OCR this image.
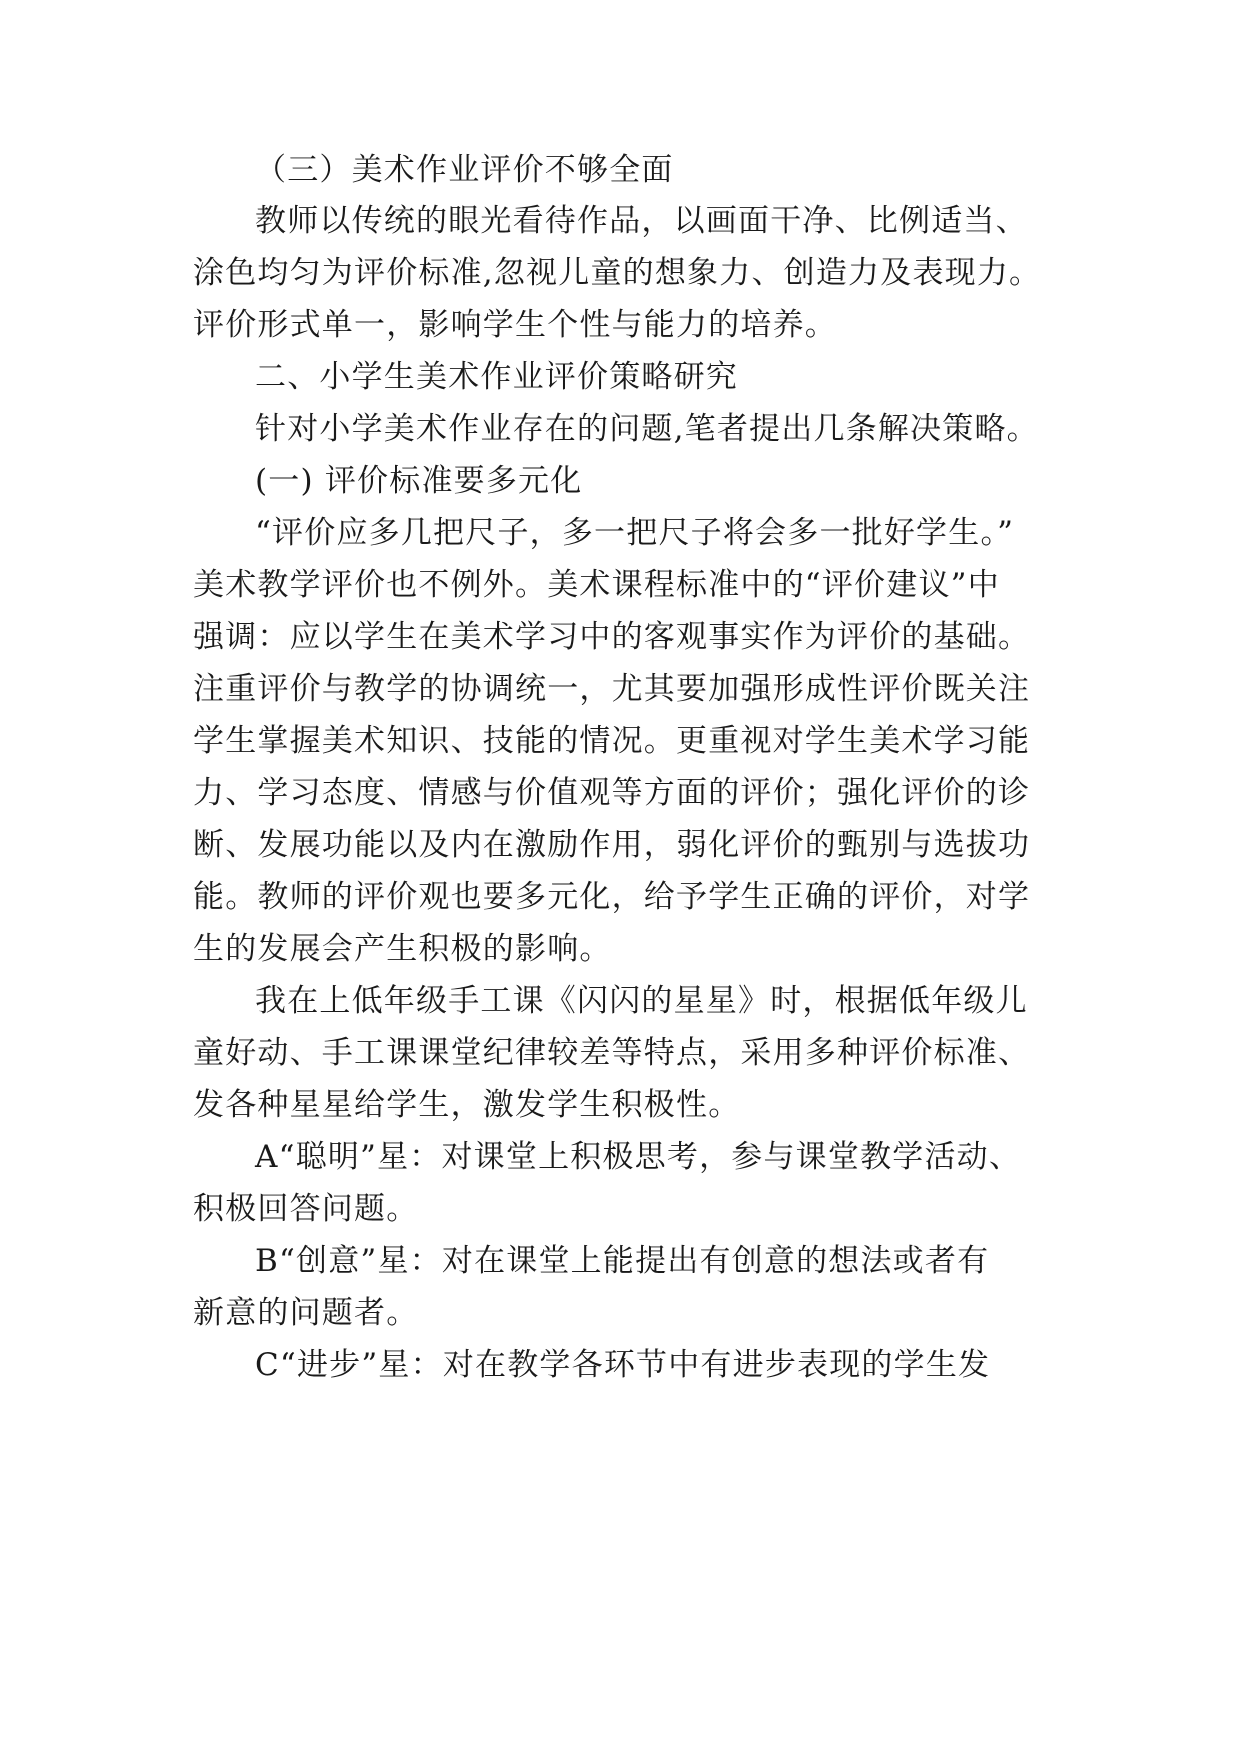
（三）美术作业评价不够全面
教师以传统的眼光看待作品，以画面干净、比例适当、
涂色均匀为评价标准,忽视儿童的想象力、创造力及表现力。
评价形式单一，影响学生个性与能力的培养。
二、小学生美术作业评价策略研究
针对小学美术作业存在的问题,笔者提出几条解决策略。
(一) 评价标准要多元化
“评价应多几把尺子，多一把尺子将会多一批好学生。”
美术教学评价也不例外。美术课程标准中的“评价建议”中
强调：应以学生在美术学习中的客观事实作为评价的基础。
注重评价与教学的协调统一，尤其要加强形成性评价既关注
学生掌握美术知识、技能的情况。更重视对学生美术学习能
力、学习态度、情感与价值观等方面的评价；强化评价的诊
断、发展功能以及内在激励作用，弱化评价的甄别与选拔功
能。教师的评价观也要多元化，给予学生正确的评价，对学
生的发展会产生积极的影响。
我在上低年级手工课《闪闪的星星》时，根据低年级儿
童好动、手工课课堂纪律较差等特点，采用多种评价标准、
发各种星星给学生，激发学生积极性。
A“聪明”星：对课堂上积极思考，参与课堂教学活动、
积极回答问题。
B“创意”星：对在课堂上能提出有创意的想法或者有
新意的问题者。
C“进步”星：对在教学各环节中有进步表现的学生发
